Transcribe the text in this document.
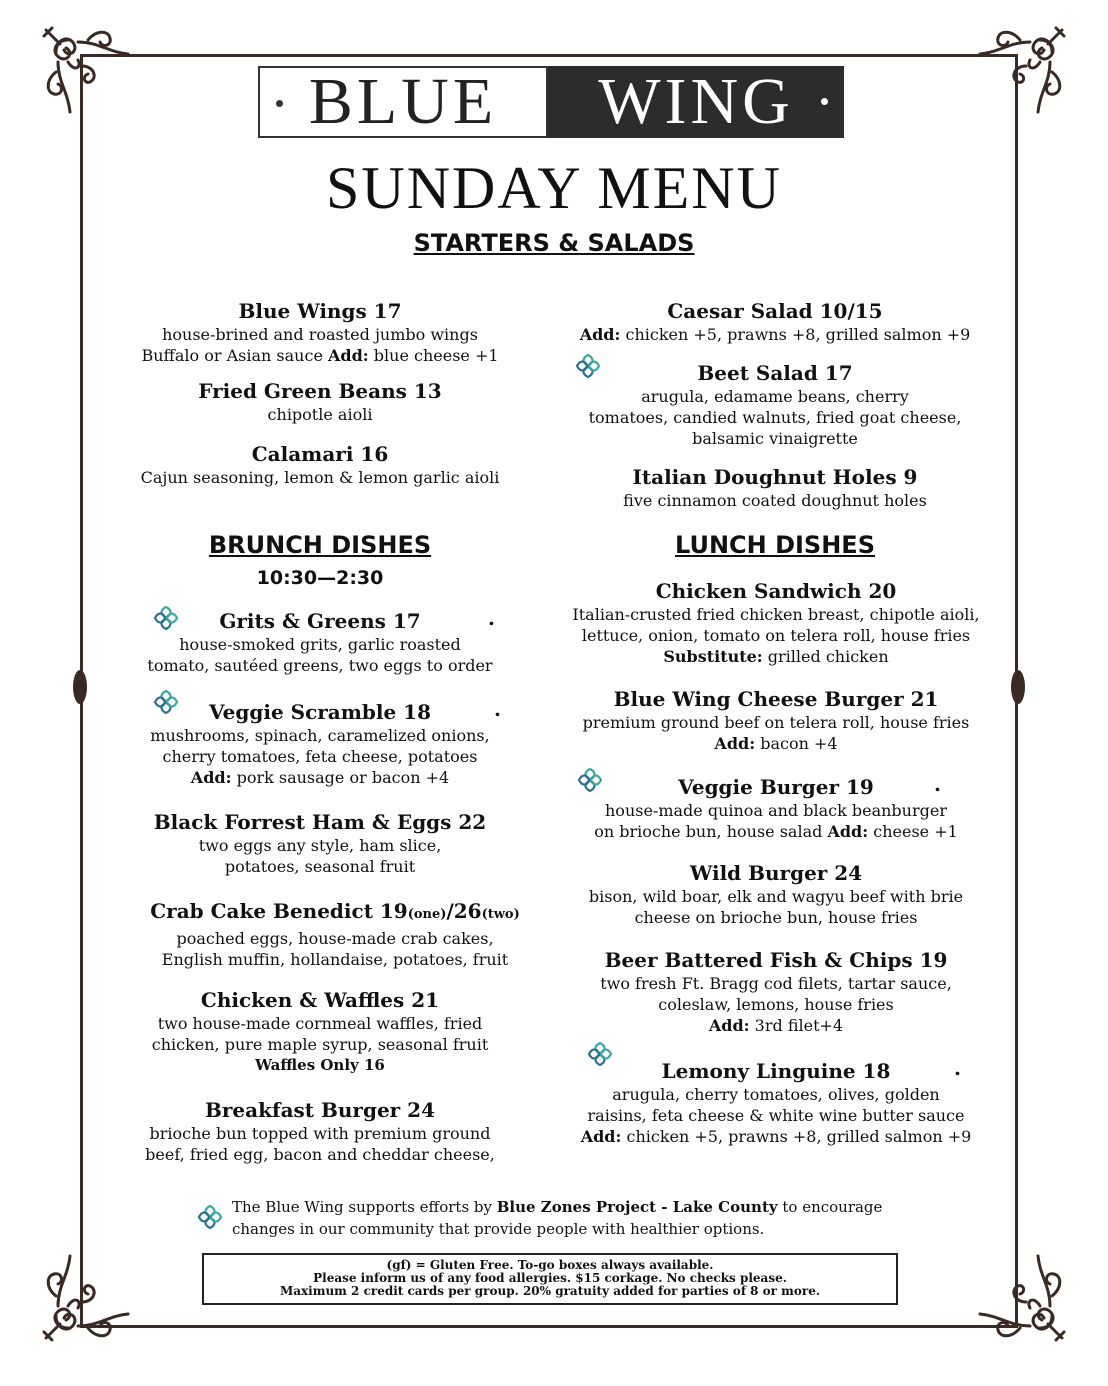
BLUE WING
SUNDAY MENU
STARTERS & SALADS
Blue Wings 17
house-brined and roasted jumbo wings
Buffalo or Asian sauce Add: blue cheese +1
Fried Green Beans 13
chipotle aioli
Calamari 16
Cajun seasoning, lemon & lemon garlic aioli
Caesar Salad 10/15
Add: chicken +5, prawns +8, grilled salmon +9
Beet Salad 17
arugula, edamame beans, cherry
tomatoes, candied walnuts, fried goat cheese,
balsamic vinaigrette
Italian Doughnut Holes 9
five cinnamon coated doughnut holes
BRUNCH DISHES
10:30—2:30
LUNCH DISHES
.
Grits & Greens 17
house-smoked grits, garlic roasted
tomato, sautéed greens, two eggs to order
.
Veggie Scramble 18
mushrooms, spinach, caramelized onions,
cherry tomatoes, feta cheese, potatoes
Add: pork sausage or bacon +4
Black Forrest Ham & Eggs 22
two eggs any style, ham slice,
potatoes, seasonal fruit
Crab Cake Benedict 19(one)/26(two)
poached eggs, house-made crab cakes,
English muffin, hollandaise, potatoes, fruit
Chicken & Waffles 21
two house-made cornmeal waffles, fried
chicken, pure maple syrup, seasonal fruit
Waffles Only 16
Breakfast Burger 24
brioche bun topped with premium ground
beef, fried egg, bacon and cheddar cheese,
Chicken Sandwich 20
Italian-crusted fried chicken breast, chipotle aioli,
lettuce, onion, tomato on telera roll, house fries
Substitute: grilled chicken
Blue Wing Cheese Burger 21
premium ground beef on telera roll, house fries
Add: bacon +4
.
Veggie Burger 19
house-made quinoa and black beanburger
on brioche bun, house salad Add: cheese +1
Wild Burger 24
bison, wild boar, elk and wagyu beef with brie
cheese on brioche bun, house fries
Beer Battered Fish & Chips 19
two fresh Ft. Bragg cod filets, tartar sauce,
coleslaw, lemons, house fries
Add: 3rd filet+4
.
Lemony Linguine 18
arugula, cherry tomatoes, olives, golden
raisins, feta cheese & white wine butter sauce
Add: chicken +5, prawns +8, grilled salmon +9
The Blue Wing supports efforts by Blue Zones Project - Lake County to encourage changes in our community that provide people with healthier options.
(gf) = Gluten Free. To-go boxes always available.
Please inform us of any food allergies. $15 corkage. No checks please.
Maximum 2 credit cards per group. 20% gratuity added for parties of 8 or more.
